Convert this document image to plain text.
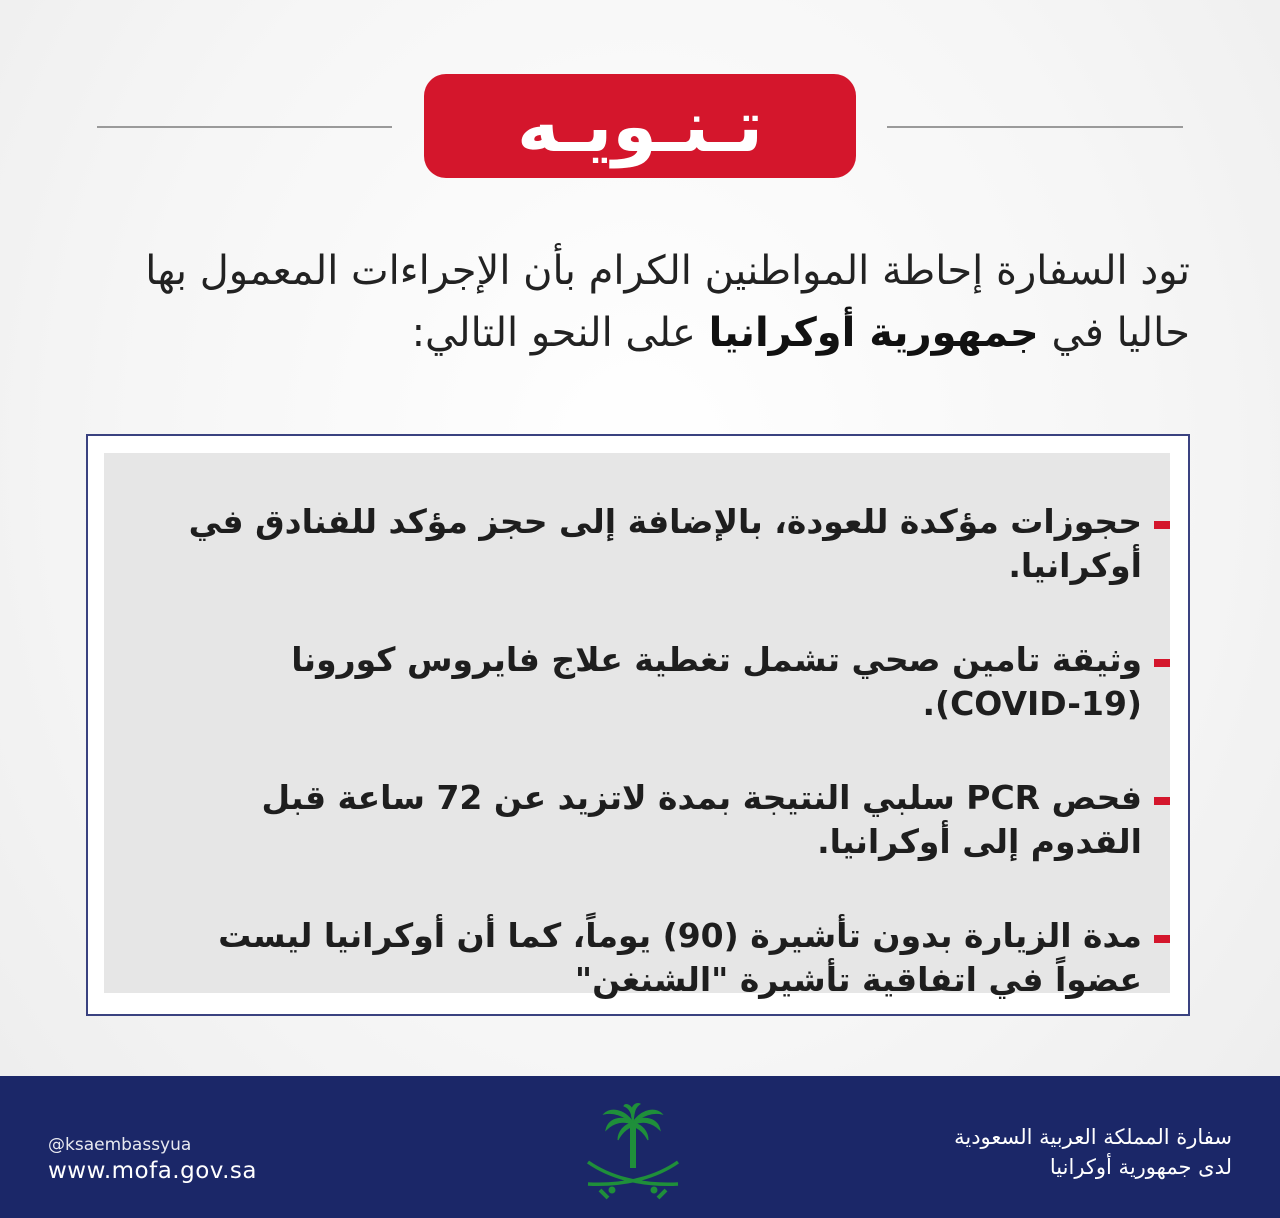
تـنـويـه
تود السفارة إحاطة المواطنين الكرام بأن الإجراءات المعمول بها
حاليا في جمهورية أوكرانيا على النحو التالي:
حجوزات مؤكدة للعودة، بالإضافة إلى حجز مؤكد للفنادق في أوكرانيا.
وثيقة تامين صحي تشمل تغطية علاج فايروس كورونا (COVID-19).
فحص PCR سلبي النتيجة بمدة لاتزيد عن 72 ساعة قبل القدوم إلى أوكرانيا.
مدة الزيارة بدون تأشيرة (90) يوماً، كما أن أوكرانيا ليست عضواً في اتفاقية تأشيرة "الشنغن"
@ksaembassyua
www.mofa.gov.sa
سفارة المملكة العربية السعودية
لدى جمهورية أوكرانيا
